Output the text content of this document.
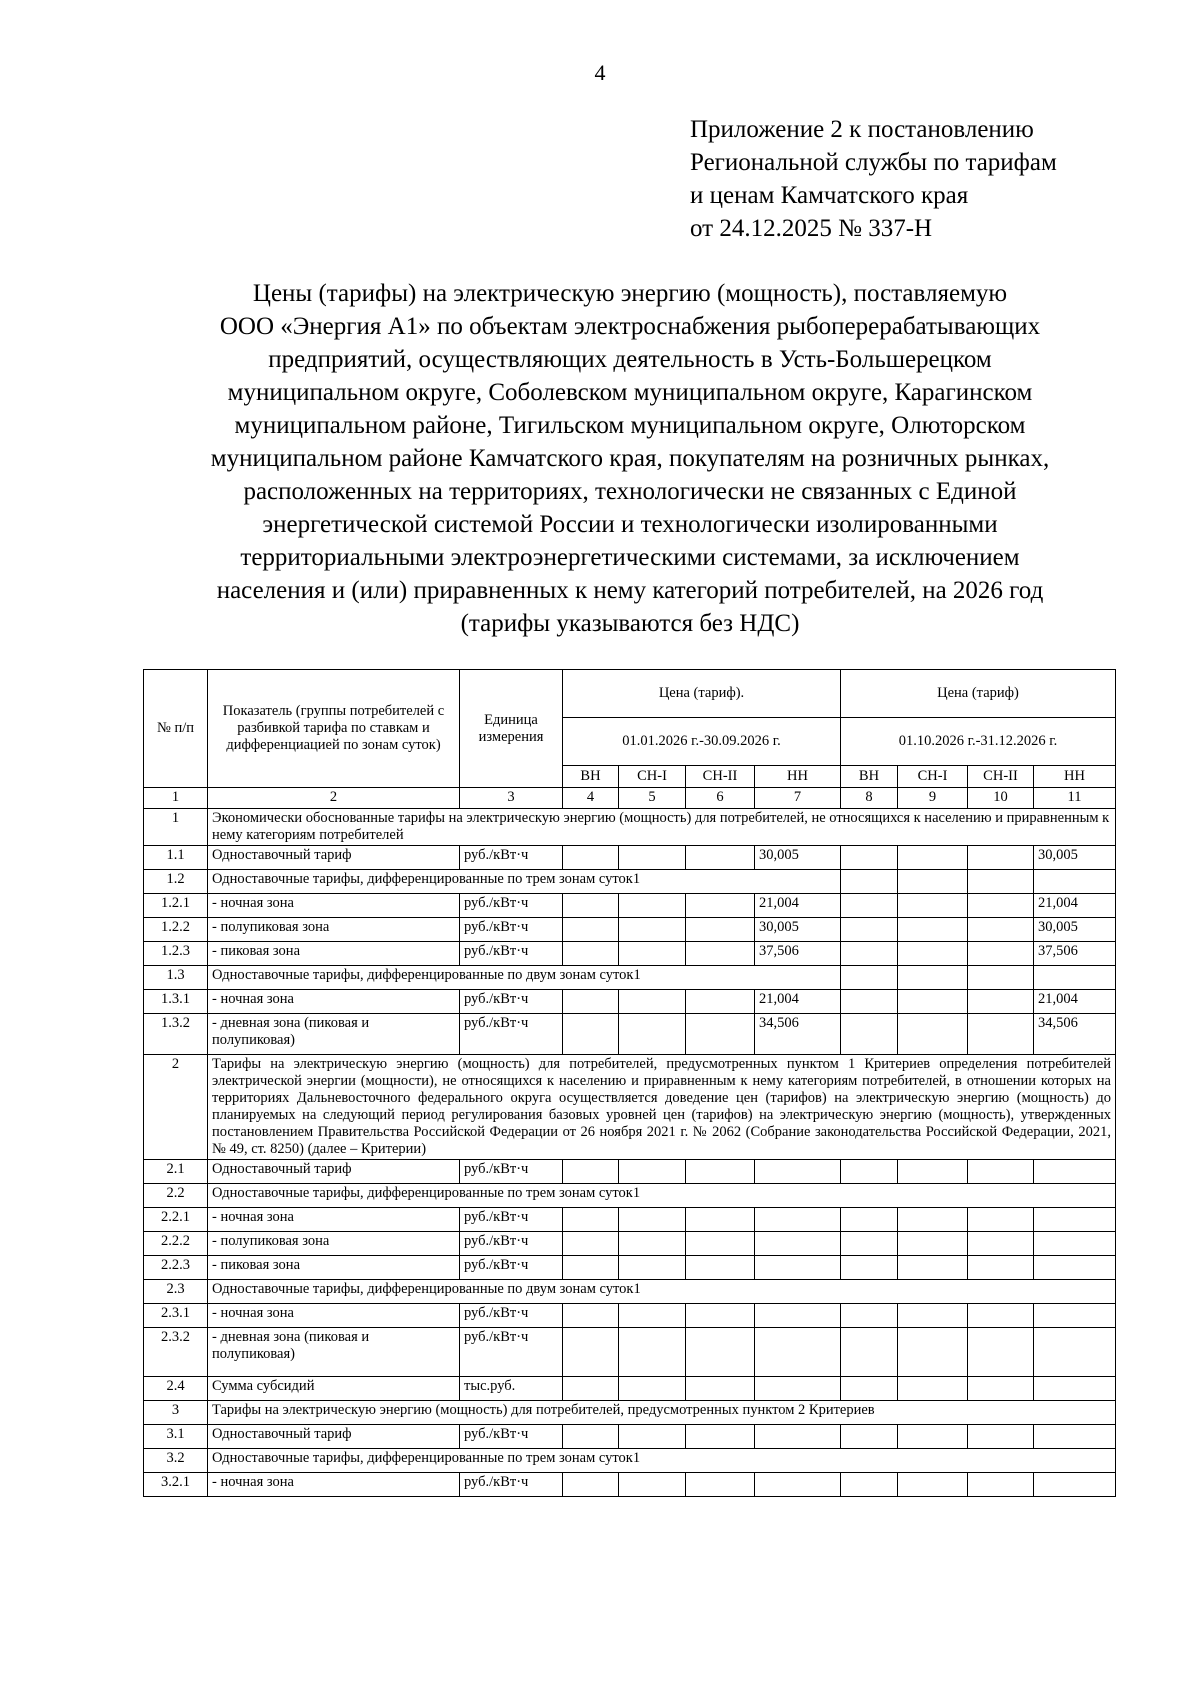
4
Приложение 2 к постановлению
Региональной службы по тарифам
и ценам Камчатского края
от 24.12.2025 № 337-Н
Цены (тарифы) на электрическую энергию (мощность), поставляемую
ООО «Энергия А1» по объектам электроснабжения рыбоперерабатывающих
предприятий, осуществляющих деятельность в Усть-Большерецком
муниципальном округе, Соболевском муниципальном округе, Карагинском
муниципальном районе, Тигильском муниципальном округе, Олюторском
муниципальном районе Камчатского края, покупателям на розничных рынках,
расположенных на территориях, технологически не связанных с Единой
энергетической системой России и технологически изолированными
территориальными электроэнергетическими системами, за исключением
населения и (или) приравненных к нему категорий потребителей, на 2026 год
(тарифы указываются без НДС)
№ п/п	Показатель (группы потребителей с разбивкой тарифа по ставкам и дифференциацией по зонам суток)	Единица измерения	Цена (тариф).				Цена (тариф)			
			01.01.2026 г.-30.09.2026 г.				01.10.2026 г.-31.12.2026 г.			
			ВН	СН-I	СН-II	НН	ВН	СН-I	СН-II	НН
1	2	3	4	5	6	7	8	9	10	11
1	Экономически обоснованные тарифы на электрическую энергию (мощность) для потребителей, не относящихся к населению и приравненным к нему категориям потребителей									
1.1	Одноставочный тариф	руб./кВт·ч				30,005				30,005
1.2	Одноставочные тарифы, дифференцированные по трем зонам суток1									
1.2.1	- ночная зона	руб./кВт·ч				21,004				21,004
1.2.2	- полупиковая зона	руб./кВт·ч				30,005				30,005
1.2.3	- пиковая зона	руб./кВт·ч				37,506				37,506
1.3	Одноставочные тарифы, дифференцированные по двум зонам суток1									
1.3.1	- ночная зона	руб./кВт·ч				21,004				21,004
1.3.2	- дневная зона (пиковая и полупиковая)	руб./кВт·ч				34,506				34,506
2	Тарифы на электрическую энергию (мощность) для потребителей, предусмотренных пунктом 1 Критериев определения потребителей электрической энергии (мощности), не относящихся к населению и приравненным к нему категориям потребителей, в отношении которых на территориях Дальневосточного федерального округа осуществляется доведение цен (тарифов) на электрическую энергию (мощность) до планируемых на следующий период регулирования базовых уровней цен (тарифов) на электрическую энергию (мощность), утвержденных постановлением Правительства Российской Федерации от 26 ноября 2021 г. № 2062 (Собрание законодательства Российской Федерации, 2021, № 49, ст. 8250) (далее – Критерии)									
2.1	Одноставочный тариф	руб./кВт·ч								
2.2	Одноставочные тарифы, дифференцированные по трем зонам суток1									
2.2.1	- ночная зона	руб./кВт·ч								
2.2.2	- полупиковая зона	руб./кВт·ч								
2.2.3	- пиковая зона	руб./кВт·ч								
2.3	Одноставочные тарифы, дифференцированные по двум зонам суток1									
2.3.1	- ночная зона	руб./кВт·ч								
2.3.2	- дневная зона (пиковая и полупиковая)	руб./кВт·ч								
2.4	Сумма субсидий	тыс.руб.								
3	Тарифы на электрическую энергию (мощность) для потребителей, предусмотренных пунктом 2 Критериев									
3.1	Одноставочный тариф	руб./кВт·ч								
3.2	Одноставочные тарифы, дифференцированные по трем зонам суток1									
3.2.1	- ночная зона	руб./кВт·ч								
